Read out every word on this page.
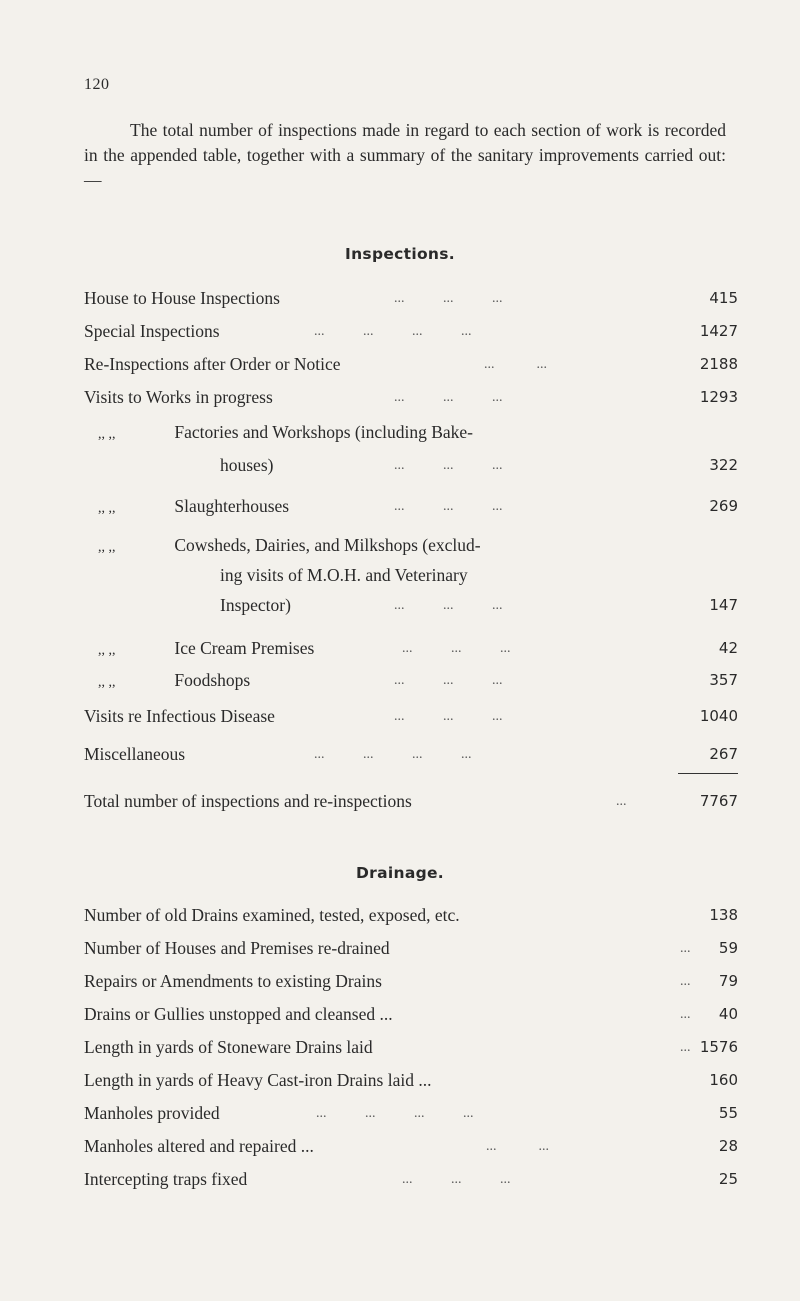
120
The total number of inspections made in regard to each section of work is recorded in the appended table, together with a summary of the sanitary improvements carried out:—
Inspections.
House to House Inspections	...           ...           ...	415
Special Inspections	...           ...           ...           ...	1427
Re-Inspections after Order or Notice	...            ...	2188
Visits to Works in progress	...           ...           ...	1293
,, ,,	Factories and Workshops (including Bake-
houses)	...           ...           ...	322
,, ,,	Slaughterhouses	...           ...           ...	269
,, ,,	Cowsheds, Dairies, and Milkshops (exclud-
ing visits of M.O.H. and Veterinary
Inspector)	...           ...           ...	147
,, ,,	Ice Cream Premises	...           ...           ...	42
,, ,,	Foodshops	...           ...           ...	357
Visits re Infectious Disease	...           ...           ...	1040
Miscellaneous	...           ...           ...           ...	267
Total number of inspections and re-inspections	...	7767
Drainage.
Number of old Drains examined, tested, exposed, etc.	138
Number of Houses and Premises re-drained	... 59
Repairs or Amendments to existing Drains	... 79
Drains or Gullies unstopped and cleansed ...	... 40
Length in yards of Stoneware Drains laid	... 1576
Length in yards of Heavy Cast-iron Drains laid ...	160
Manholes provided	...           ...           ...           ...	55
Manholes altered and repaired ...	...            ...	28
Intercepting traps fixed	...           ...           ...	25
